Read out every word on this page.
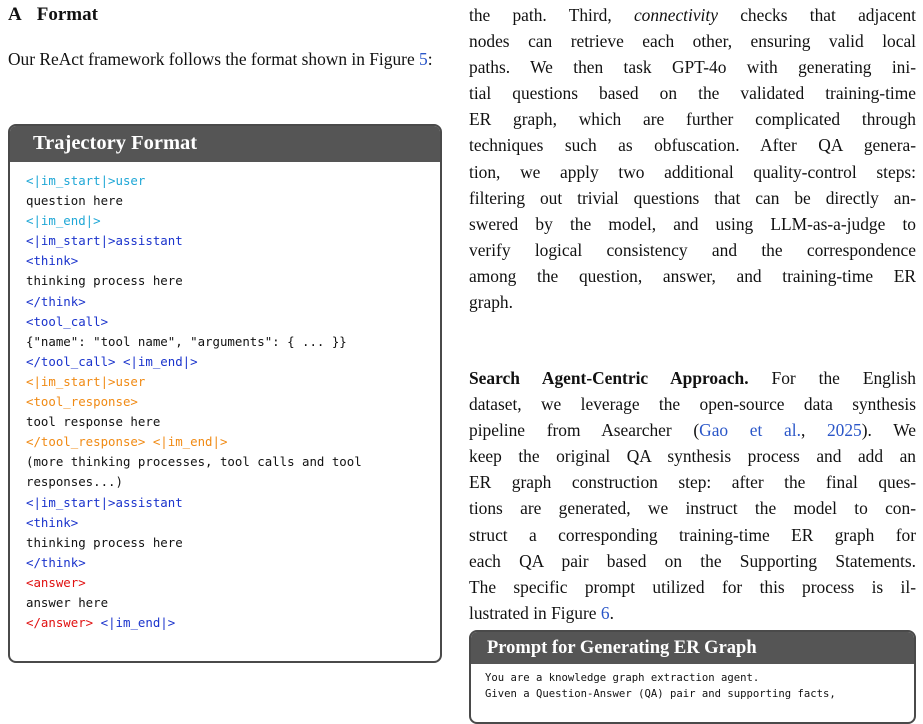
A Format
Our ReAct framework follows the format shown in Figure 5:
Trajectory Format
<|im_start|>user
question here
<|im_end|>
<|im_start|>assistant
<think>
thinking process here
</think>
<tool_call>
{"name": "tool name", "arguments": { ... }}
</tool_call> <|im_end|>
<|im_start|>user
<tool_response>
tool response here
</tool_response> <|im_end|>
(more thinking processes, tool calls and tool
responses...)
<|im_start|>assistant
<think>
thinking process here
</think>
<answer>
answer here
</answer> <|im_end|>
the path. Third, connectivity checks that adjacent
nodes can retrieve each other, ensuring valid local
paths. We then task GPT-4o with generating ini-
tial questions based on the validated training-time
ER graph, which are further complicated through
techniques such as obfuscation. After QA genera-
tion, we apply two additional quality-control steps:
filtering out trivial questions that can be directly an-
swered by the model, and using LLM-as-a-judge to
verify logical consistency and the correspondence
among the question, answer, and training-time ER
graph.
Search Agent-Centric Approach. For the English
dataset, we leverage the open-source data synthesis
pipeline from Asearcher (Gao et al., 2025). We
keep the original QA synthesis process and add an
ER graph construction step: after the final ques-
tions are generated, we instruct the model to con-
struct a corresponding training-time ER graph for
each QA pair based on the Supporting Statements.
The specific prompt utilized for this process is il-
lustrated in Figure 6.
Prompt for Generating ER Graph
You are a knowledge graph extraction agent.
Given a Question-Answer (QA) pair and supporting facts,
